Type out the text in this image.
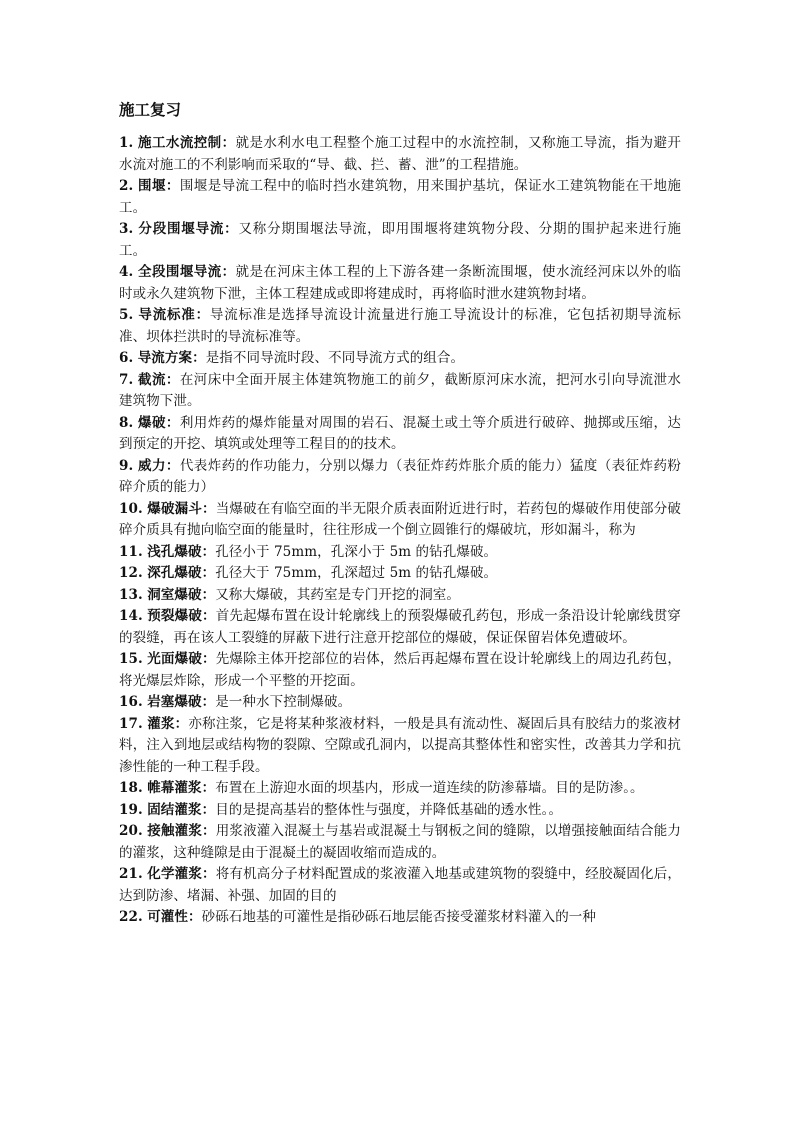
施工复习

1. 施工水流控制：就是水利水电工程整个施工过程中的水流控制，又称施工导流，指为避开水流对施工的不利影响而采取的“导、截、拦、蓄、泄”的工程措施。

2. 围堰：围堰是导流工程中的临时挡水建筑物，用来围护基坑，保证水工建筑物能在干地施工。

3. 分段围堰导流：又称分期围堰法导流，即用围堰将建筑物分段、分期的围护起来进行施工。

4. 全段围堰导流：就是在河床主体工程的上下游各建一条断流围堰，使水流经河床以外的临时或永久建筑物下泄，主体工程建成或即将建成时，再将临时泄水建筑物封堵。

5. 导流标准：导流标准是选择导流设计流量进行施工导流设计的标准，它包括初期导流标准、坝体拦洪时的导流标准等。

6. 导流方案：是指不同导流时段、不同导流方式的组合。

7. 截流：在河床中全面开展主体建筑物施工的前夕，截断原河床水流，把河水引向导流泄水建筑物下泄。

8. 爆破：利用炸药的爆炸能量对周围的岩石、混凝土或土等介质进行破碎、抛掷或压缩，达到预定的开挖、填筑或处理等工程目的的技术。

9. 威力：代表炸药的作功能力，分别以爆力（表征炸药炸胀介质的能力）猛度（表征炸药粉碎介质的能力）

10. 爆破漏斗：当爆破在有临空面的半无限介质表面附近进行时，若药包的爆破作用使部分破碎介质具有抛向临空面的能量时，往往形成一个倒立圆锥行的爆破坑，形如漏斗，称为

11. 浅孔爆破：孔径小于 75mm，孔深小于 5m 的钻孔爆破。

12. 深孔爆破：孔径大于 75mm，孔深超过 5m 的钻孔爆破。

13. 洞室爆破：又称大爆破，其药室是专门开挖的洞室。

14. 预裂爆破：首先起爆布置在设计轮廓线上的预裂爆破孔药包，形成一条沿设计轮廓线贯穿的裂缝，再在该人工裂缝的屏蔽下进行注意开挖部位的爆破，保证保留岩体免遭破坏。

15. 光面爆破：先爆除主体开挖部位的岩体，然后再起爆布置在设计轮廓线上的周边孔药包，将光爆层炸除，形成一个平整的开挖面。

16. 岩塞爆破：是一种水下控制爆破。

17. 灌浆：亦称注浆，它是将某种浆液材料，一般是具有流动性、凝固后具有胶结力的浆液材料，注入到地层或结构物的裂隙、空隙或孔洞内，以提高其整体性和密实性，改善其力学和抗渗性能的一种工程手段。

18. 帷幕灌浆：布置在上游迎水面的坝基内，形成一道连续的防渗幕墙。目的是防渗。。

19. 固结灌浆：目的是提高基岩的整体性与强度，并降低基础的透水性。。

20. 接触灌浆：用浆液灌入混凝土与基岩或混凝土与钢板之间的缝隙，以增强接触面结合能力的灌浆，这种缝隙是由于混凝土的凝固收缩而造成的。

21. 化学灌浆：将有机高分子材料配置成的浆液灌入地基或建筑物的裂缝中，经胶凝固化后，达到防渗、堵漏、补强、加固的目的

22. 可灌性：砂砾石地基的可灌性是指砂砾石地层能否接受灌浆材料灌入的一种
